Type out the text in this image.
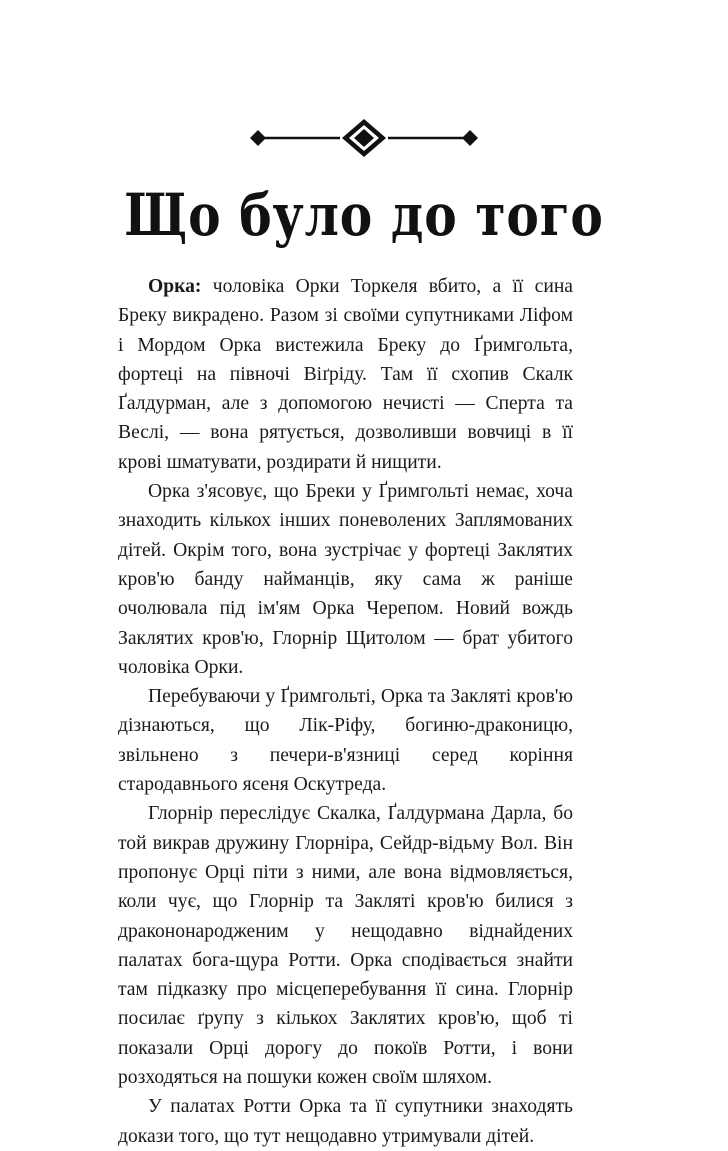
Що було до того

Орка: чоловіка Орки Торкеля вбито, а її сина Бреку викрадено. Разом зі своїми супутниками Ліфом і Мордом Орка вистежила Бреку до Ґримгольта, фортеці на півночі Віґріду. Там її схопив Скалк Ґалдурман, але з допомогою нечисті — Сперта та Веслі, — вона рятується, дозволивши вовчиці в її крові шматувати, роздирати й нищити.

Орка з'ясовує, що Бреки у Ґримгольті немає, хоча знаходить кількох інших поневолених Заплямованих дітей. Окрім того, вона зустрічає у фортеці Заклятих кров'ю банду найманців, яку сама ж раніше очолювала під ім'ям Орка Черепом. Новий вождь Заклятих кров'ю, Глорнір Щитолом — брат убитого чоловіка Орки.

Перебуваючи у Ґримгольті, Орка та Закляті кров'ю дізнаються, що Лік-Ріфу, богиню-драконицю, звільнено з печери-в'язниці серед коріння стародавнього ясеня Оскутреда.

Глорнір переслідує Скалка, Ґалдурмана Дарла, бо той викрав дружину Глорніра, Сейдр-відьму Вол. Він пропонує Орці піти з ними, але вона відмовляється, коли чує, що Глорнір та Закляті кров'ю билися з дракононародженим у нещодавно віднайдених палатах бога-щура Ротти. Орка сподівається знайти там підказку про місцеперебування її сина. Глорнір посилає ґрупу з кількох Заклятих кров'ю, щоб ті показали Орці дорогу до покоїв Ротти, і вони розходяться на пошуки кожен своїм шляхом.

У палатах Ротти Орка та її супутники знаходять докази того, що тут нещодавно утримували дітей.
